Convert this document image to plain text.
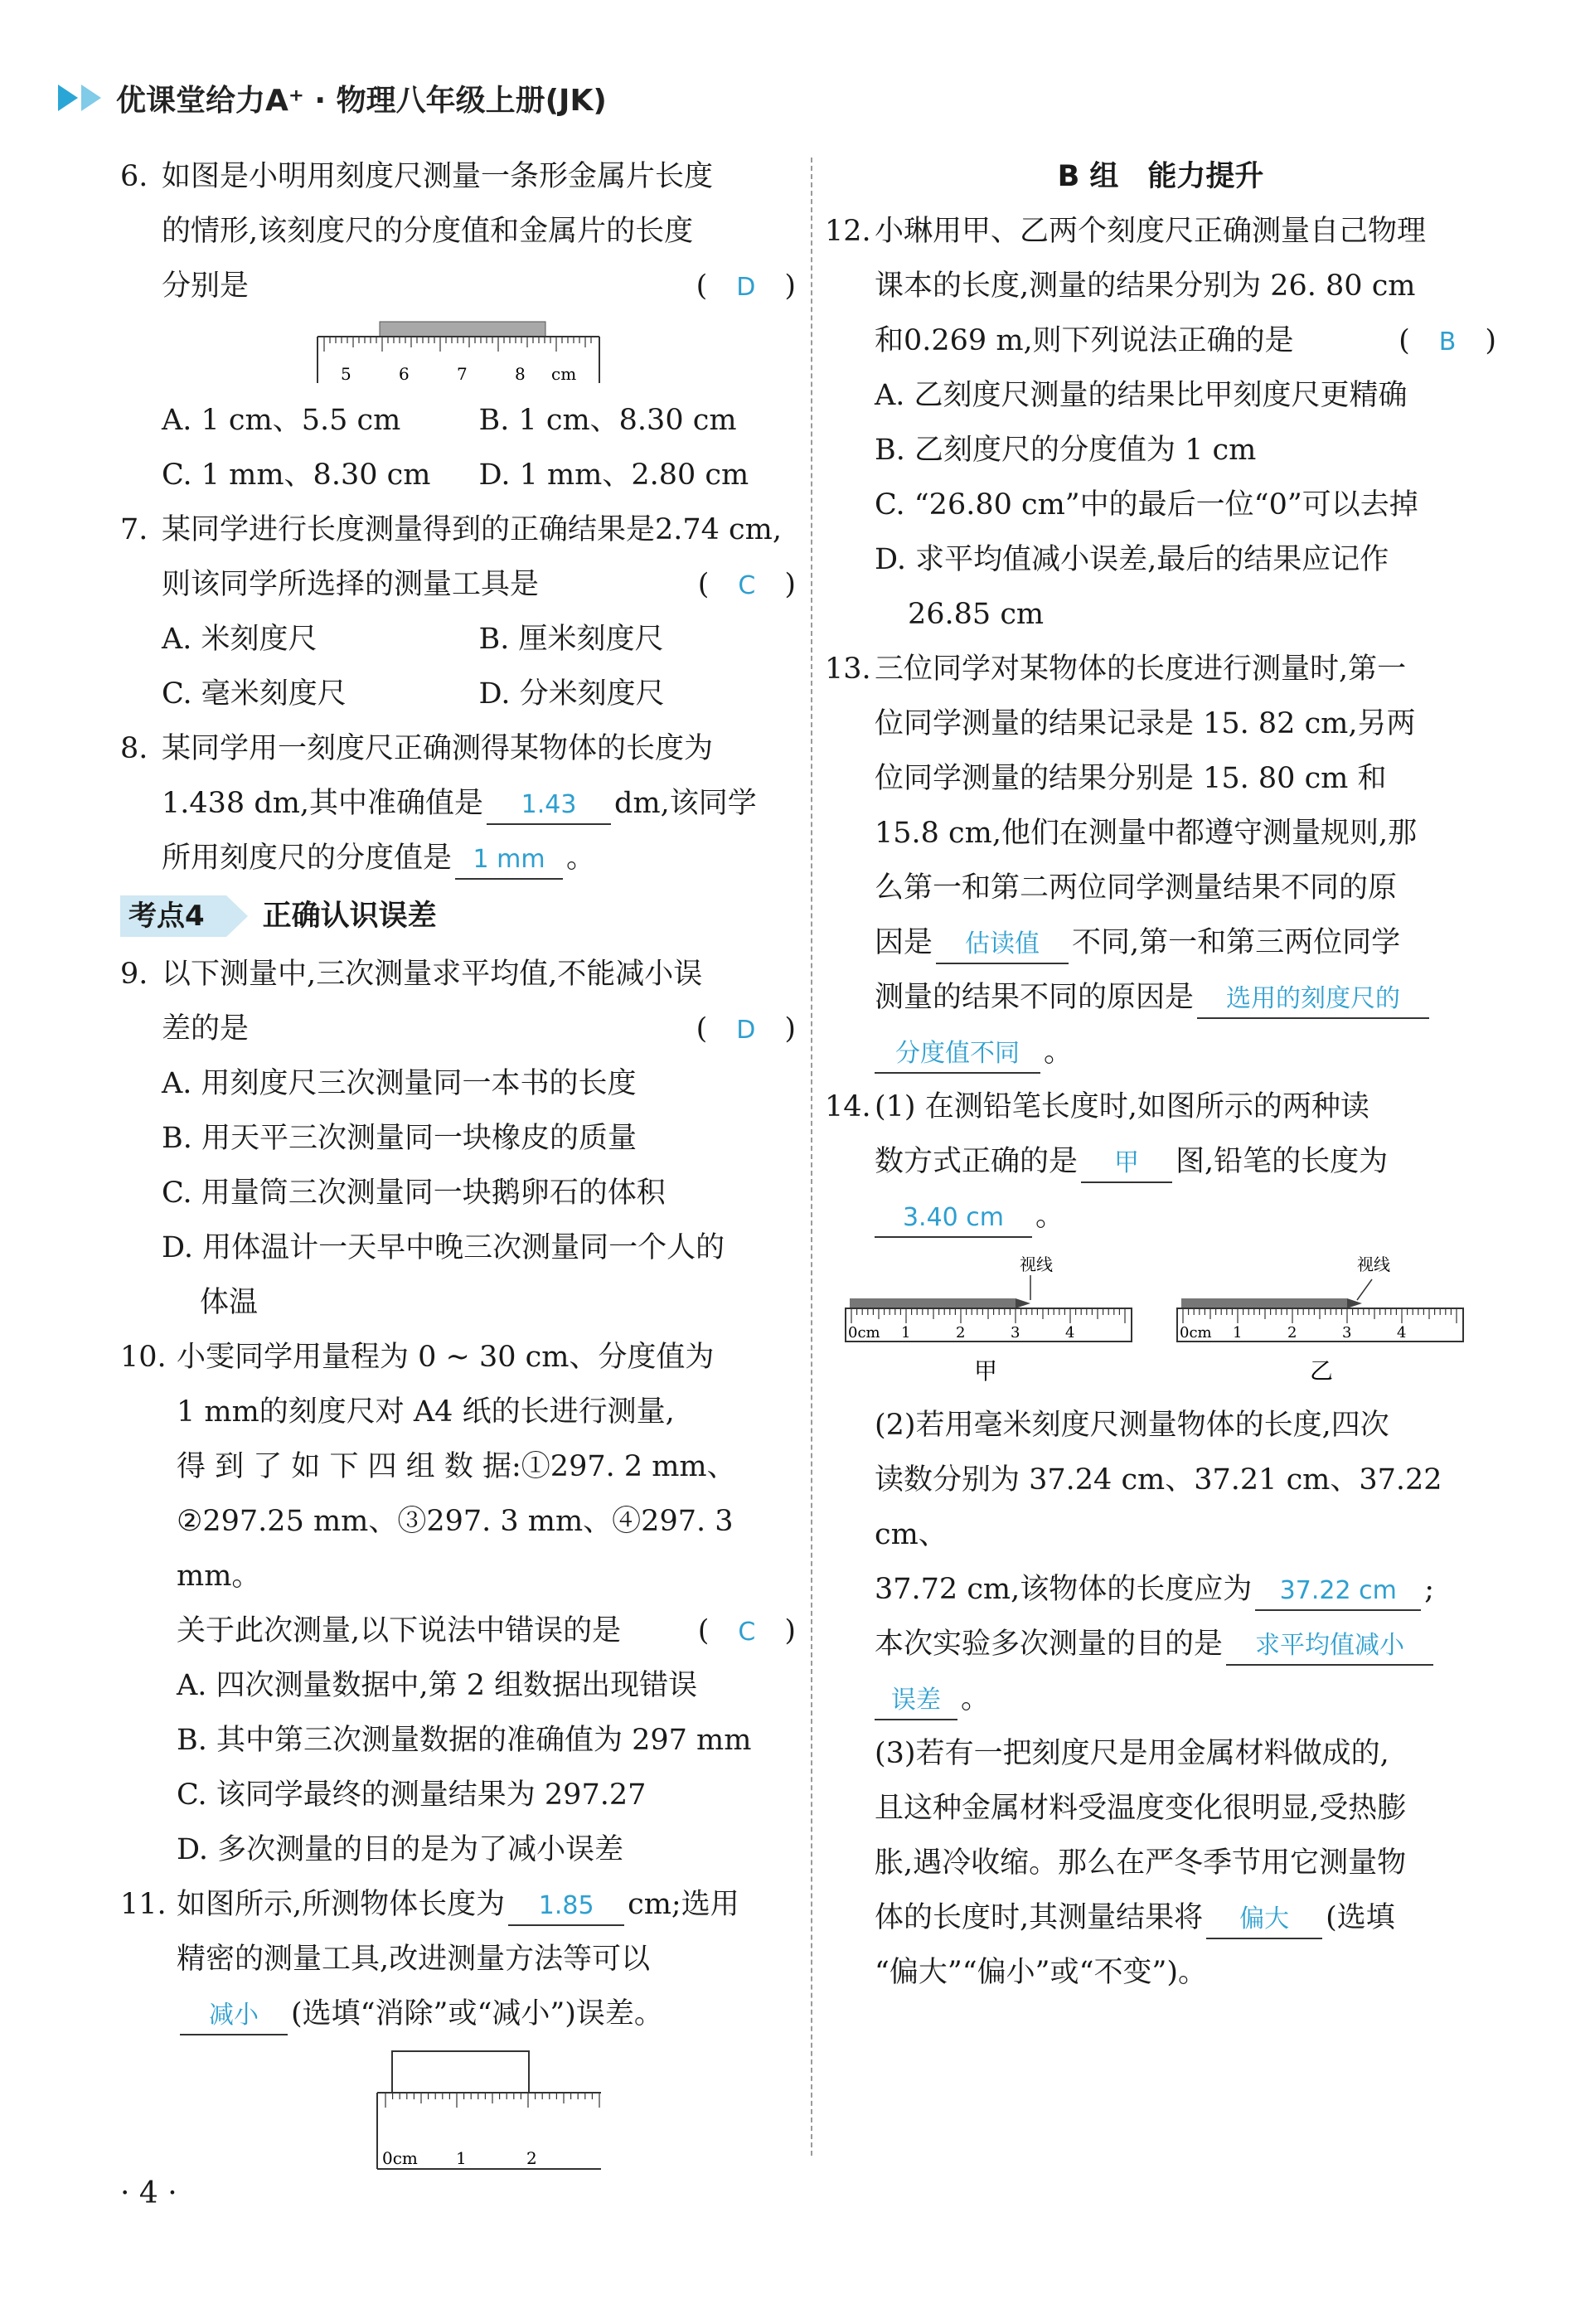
优课堂给力A⁺ · 物理八年级上册(JK)
6. 如图是小明用刻度尺测量一条形金属片长度
的情形,该刻度尺的分度值和金属片的长度
分别是	(　D　)
5	6	7	8 cm
A. 1 cm、5.5 cm	B. 1 cm、8.30 cm
C. 1 mm、8.30 cm	D. 1 mm、2.80 cm
7. 某同学进行长度测量得到的正确结果是2.74 cm,
则该同学所选择的测量工具是	(　C　)
A. 米刻度尺	B. 厘米刻度尺
C. 毫米刻度尺	D. 分米刻度尺
8. 某同学用一刻度尺正确测得某物体的长度为
1.438 dm,其中准确值是 1.43 dm,该同学
所用刻度尺的分度值是 1 mm 。
考点4	正确认识误差
9. 以下测量中,三次测量求平均值,不能减小误
差的是	(　D　)
A. 用刻度尺三次测量同一本书的长度
B. 用天平三次测量同一块橡皮的质量
C. 用量筒三次测量同一块鹅卵石的体积
D. 用体温计一天早中晚三次测量同一个人的
体温
10. 小雯同学用量程为 0 ~ 30 cm、分度值为
1 mm的刻度尺对 A4 纸的长进行测量,
得 到 了 如 下 四 组 数 据:①297. 2 mm、
②297.25 mm、③297. 3 mm、④297. 3 mm。
关于此次测量,以下说法中错误的是	(　C　)
A. 四次测量数据中,第 2 组数据出现错误
B. 其中第三次测量数据的准确值为 297 mm
C. 该同学最终的测量结果为 297.27
D. 多次测量的目的是为了减小误差
11. 如图所示,所测物体长度为 1.85 cm;选用
精密的测量工具,改进测量方法等可以
减小 (选填“消除”或“减小”)误差。
0cm 1	2
B 组　能力提升
12. 小琳用甲、乙两个刻度尺正确测量自己物理
课本的长度,测量的结果分别为 26. 80 cm
和0.269 m,则下列说法正确的是	(　B　)
A. 乙刻度尺测量的结果比甲刻度尺更精确
B. 乙刻度尺的分度值为 1 cm
C. “26.80 cm”中的最后一位“0”可以去掉
D. 求平均值减小误差,最后的结果应记作
26.85 cm
13. 三位同学对某物体的长度进行测量时,第一
位同学测量的结果记录是 15. 82 cm,另两
位同学测量的结果分别是 15. 80 cm 和
15.8 cm,他们在测量中都遵守测量规则,那
么第一和第二两位同学测量结果不同的原
因是 估读值 不同,第一和第三两位同学
测量的结果不同的原因是 选用的刻度尺的
分度值不同 。
14. (1) 在测铅笔长度时,如图所示的两种读
数方式正确的是 甲 图,铅笔的长度为
3.40 cm 。
0cm 1	2	3	4
视线
甲
0cm 1	2	3	4
视线
乙
(2)若用毫米刻度尺测量物体的长度,四次
读数分别为 37.24 cm、37.21 cm、37.22 cm、
37.72 cm,该物体的长度应为 37.22 cm ;
本次实验多次测量的目的是 求平均值减小
误差 。
(3)若有一把刻度尺是用金属材料做成的,
且这种金属材料受温度变化很明显,受热膨
胀,遇冷收缩。那么在严冬季节用它测量物
体的长度时,其测量结果将 偏大 (选填
“偏大”“偏小”或“不变”)。
· 4 ·
